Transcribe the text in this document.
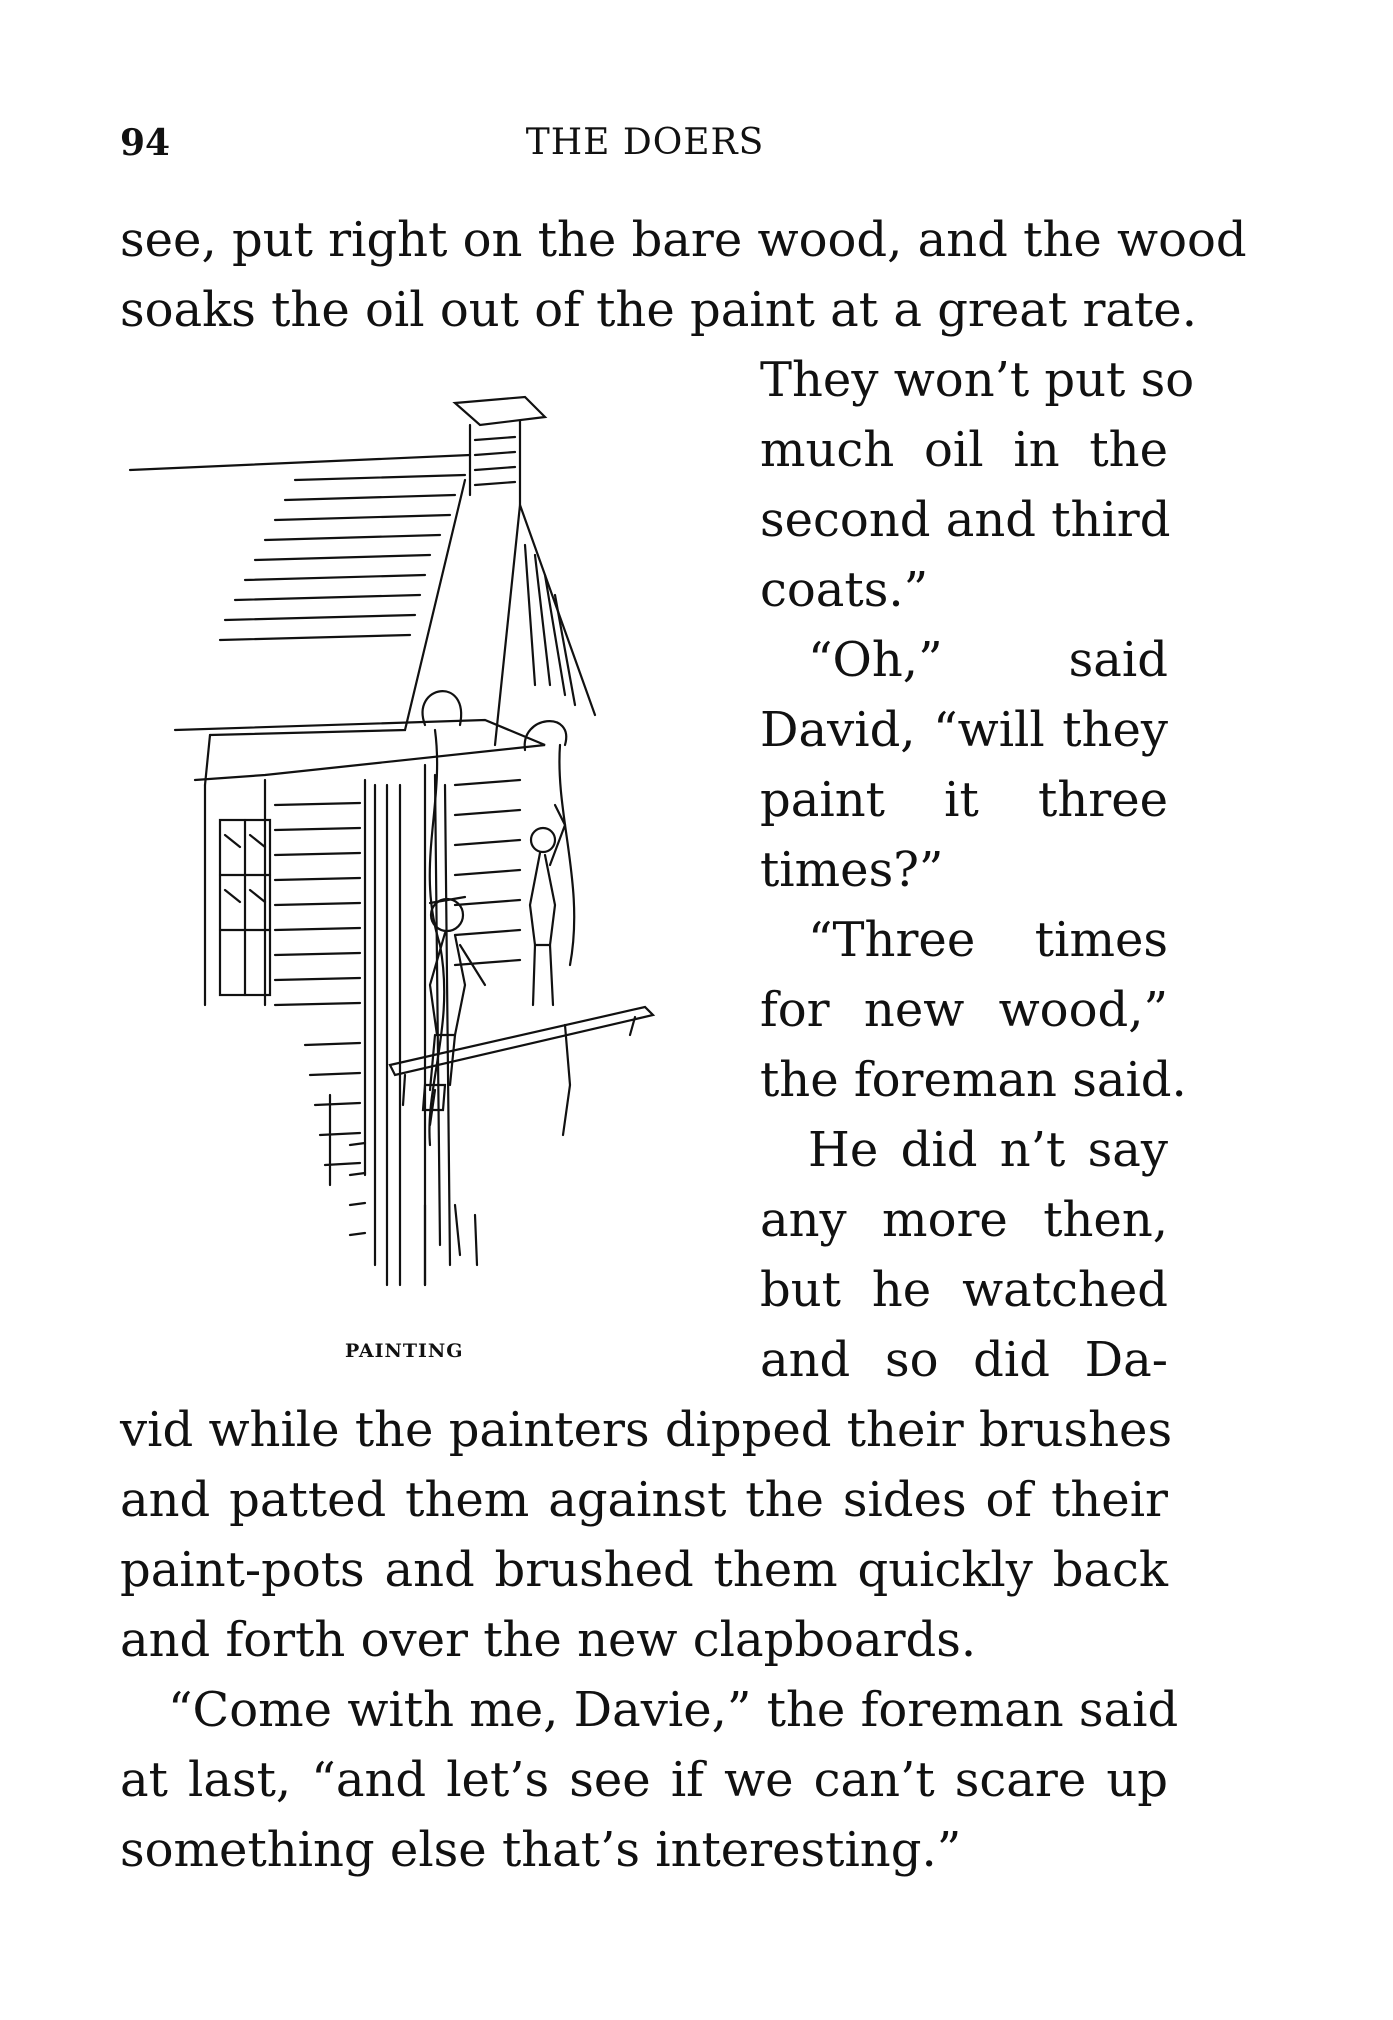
94	THE DOERS
see, put right on the bare wood, and the wood
soaks the oil out of the paint at a great rate.
They won’t put so
much oil in the
second and third
coats.”
“Oh,” said
David, “will they
paint it three
times?”
“Three times
for new wood,”
the foreman said.
He did n’t say
any more then,
but he watched
and so did Da-
vid while the painters dipped their brushes
and patted them against the sides of their
paint-pots and brushed them quickly back
and forth over the new clapboards.
“Come with me, Davie,” the foreman said
at last, “and let’s see if we can’t scare up
something else that’s interesting.”
PAINTING
